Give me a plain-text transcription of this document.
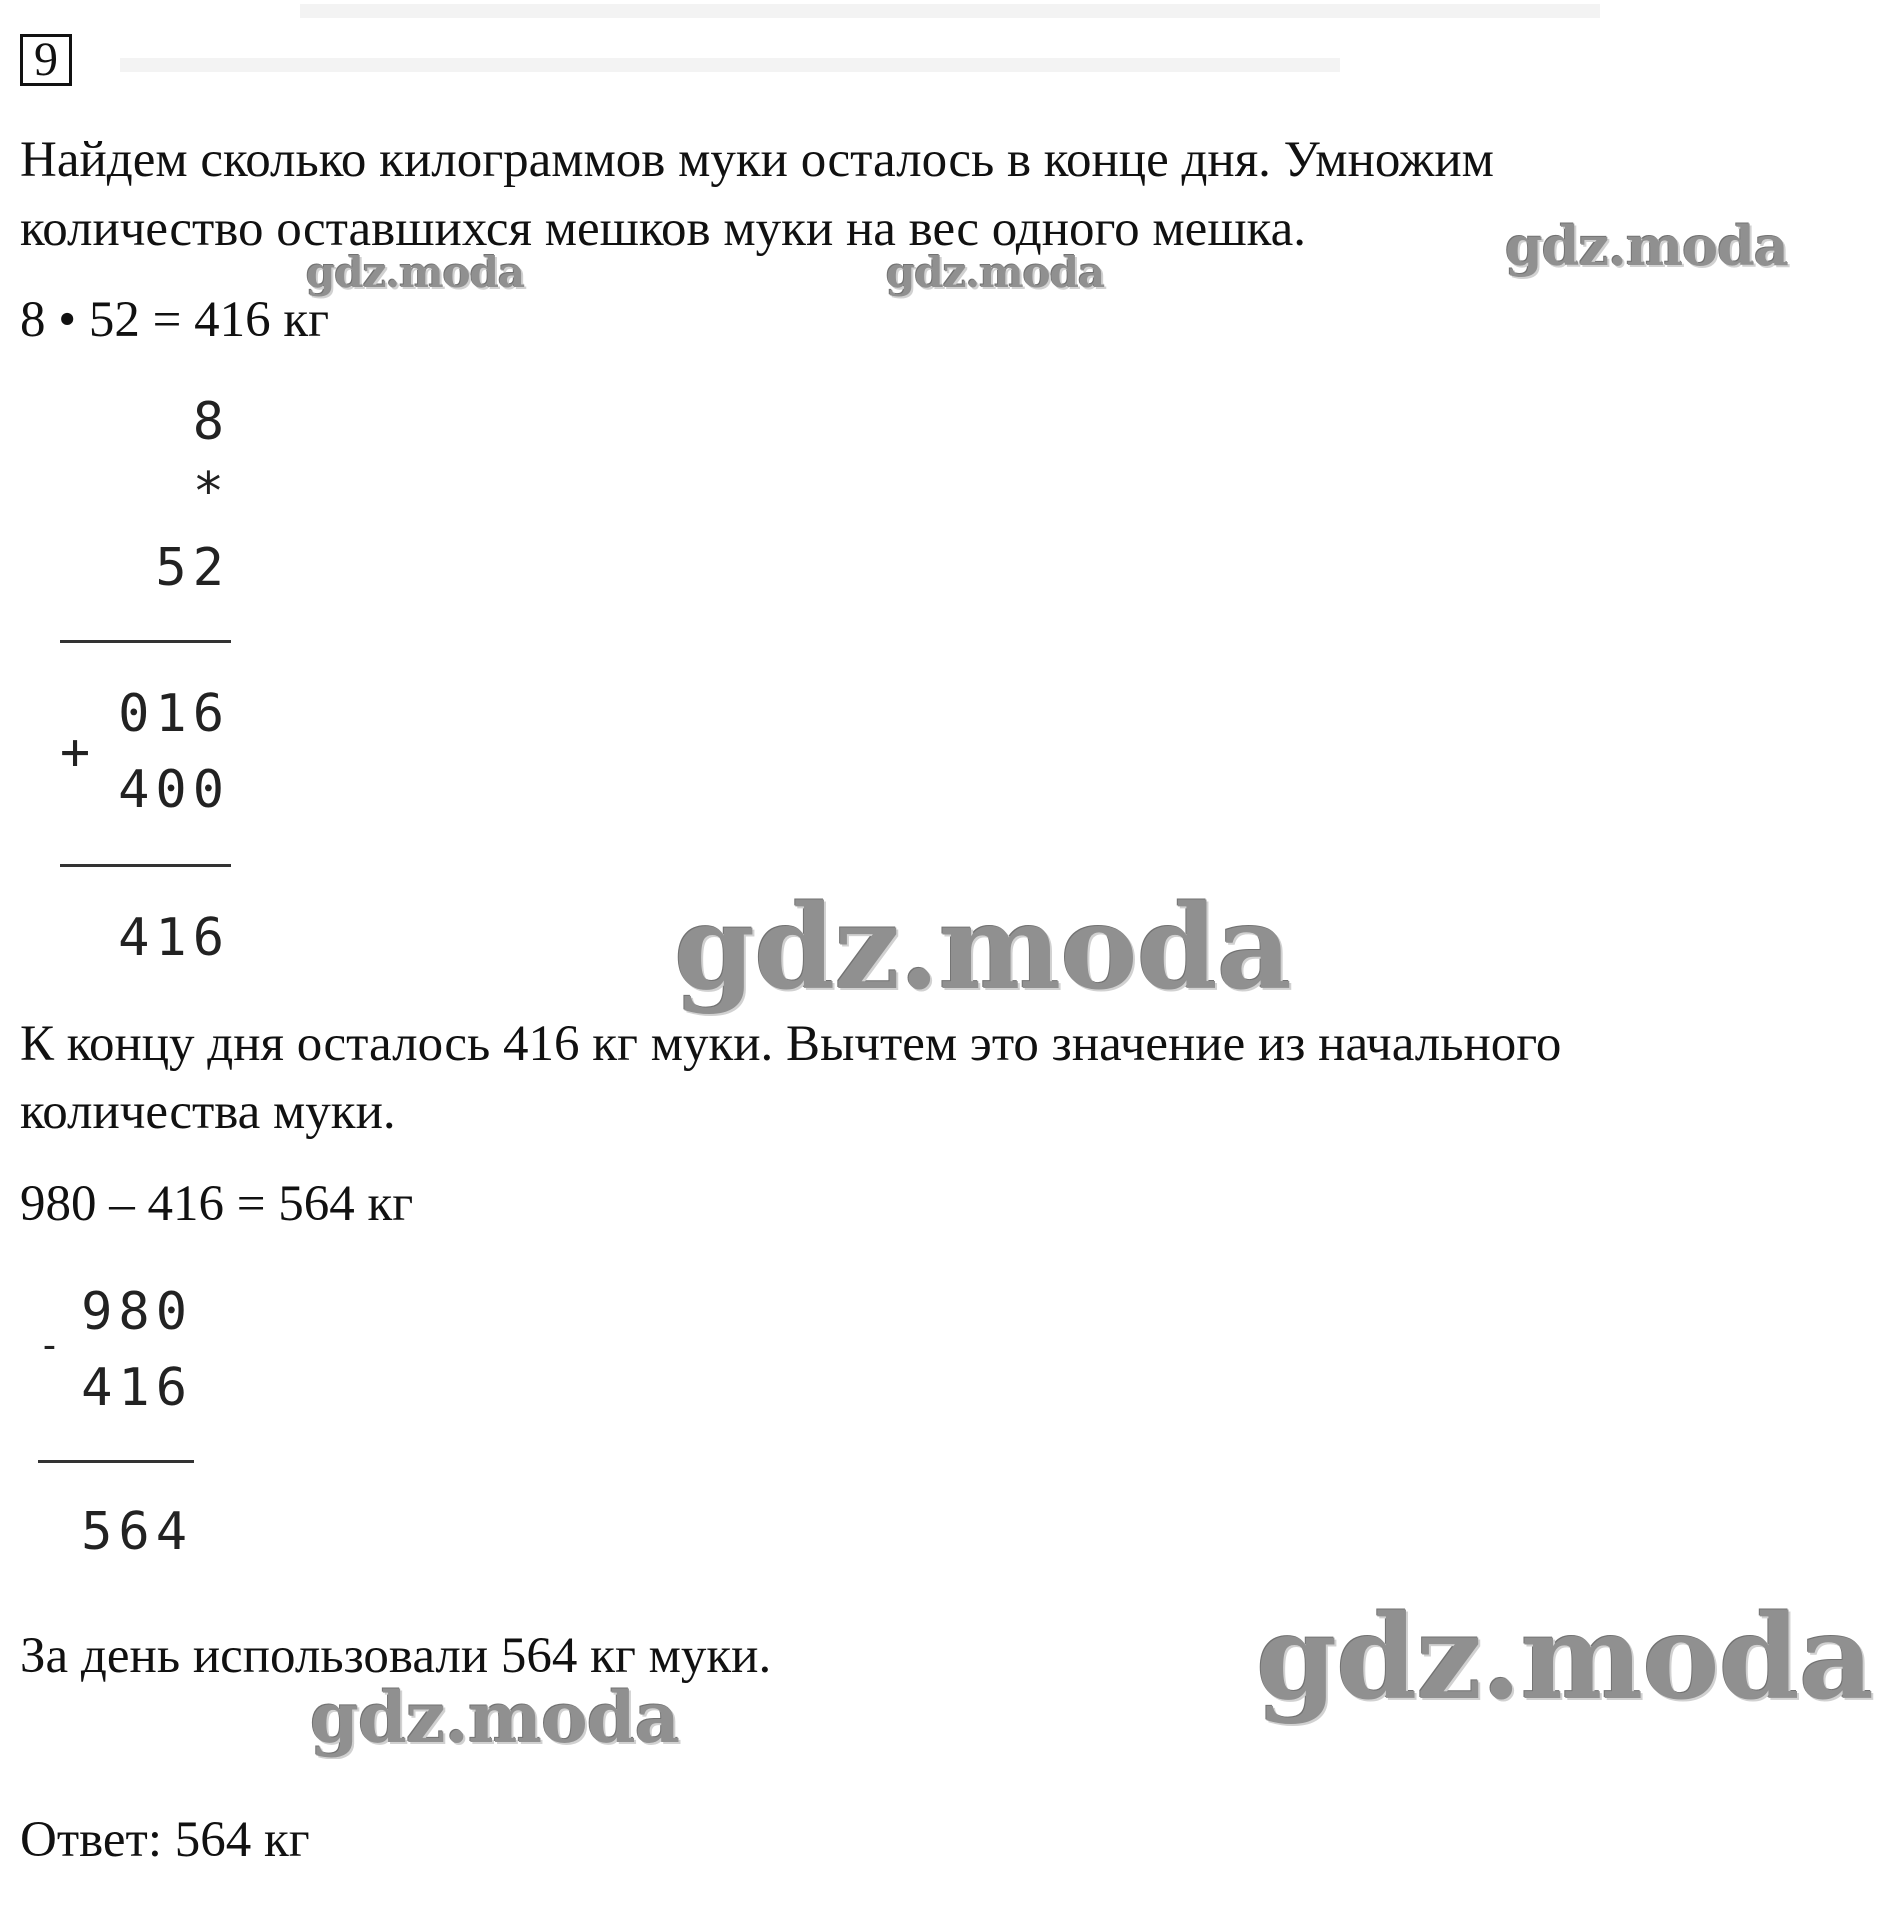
9
Найдем сколько килограммов муки осталось в конце дня. Умножим
количество оставшихся мешков муки на вес одного мешка.
8 • 52 = 416 кг
8
*
52
016
+
400
416
К концу дня осталось 416 кг муки. Вычтем это значение из начального
количества муки.
980 – 416 = 564 кг
980
-
416
564
За день использовали 564 кг муки.
Ответ: 564 кг
gdz.moda
gdz.moda	gdz.moda
gdz.moda
gdz.moda
gdz.moda
